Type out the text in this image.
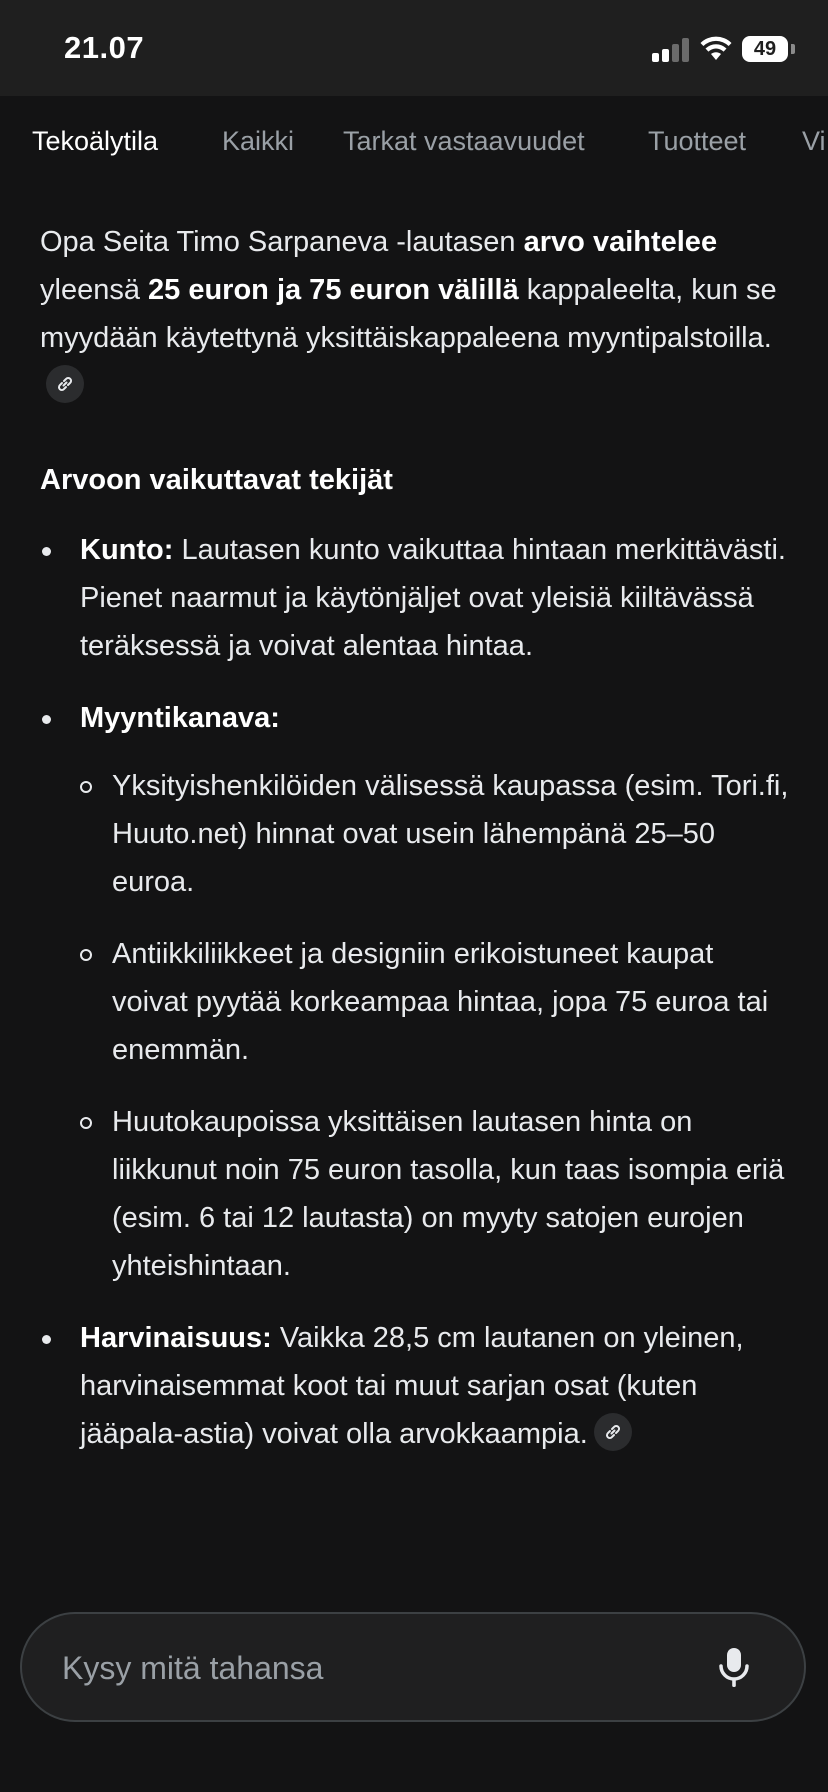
21.07	49
Tekoälytila Kaikki Tarkat vastaavuudet Tuotteet Vi

Opa Seita Timo Sarpaneva -lautasen arvo vaihtelee yleensä 25 euron ja 75 euron välillä kappaleelta, kun se myydään käytettynä yksittäiskappaleena myyntipalstoilla.

Arvoon vaikuttavat tekijät
Kunto: Lautasen kunto vaikuttaa hintaan merkittävästi. Pienet naarmut ja käytönjäljet ovat yleisiä kiiltävässä teräksessä ja voivat alentaa hintaa.
Myyntikanava:
Yksityishenkilöiden välisessä kaupassa (esim. Tori.fi, Huuto.net) hinnat ovat usein lähempänä 25–50 euroa.
Antiikkiliikkeet ja designiin erikoistuneet kaupat voivat pyytää korkeampaa hintaa, jopa 75 euroa tai enemmän.
Huutokaupoissa yksittäisen lautasen hinta on liikkunut noin 75 euron tasolla, kun taas isompia eriä (esim. 6 tai 12 lautasta) on myyty satojen eurojen yhteishintaan.
Harvinaisuus: Vaikka 28,5 cm lautanen on yleinen, harvinaisemmat koot tai muut sarjan osat (kuten jääpala-astia) voivat olla arvokkaampia.
Kysy mitä tahansa
